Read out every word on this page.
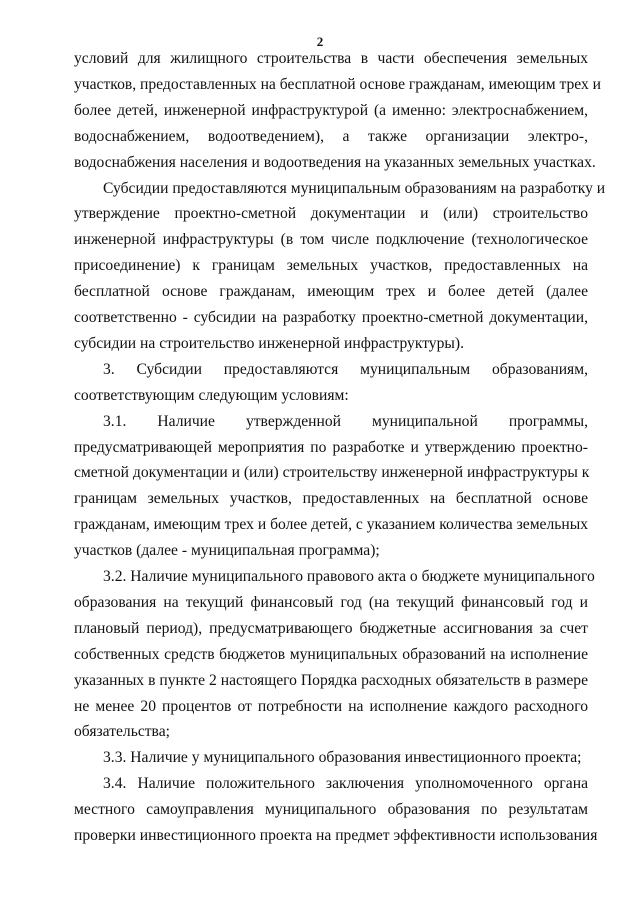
2
условий для жилищного строительства в части обеспечения земельных
участков, предоставленных на бесплатной основе гражданам, имеющим трех и
более детей, инженерной инфраструктурой (а именно: электроснабжением,
водоснабжением, водоотведением), а также организации электро-,
водоснабжения населения и водоотведения на указанных земельных участках.
Субсидии предоставляются муниципальным образованиям на разработку и
утверждение проектно-сметной документации и (или) строительство
инженерной инфраструктуры (в том числе подключение (технологическое
присоединение) к границам земельных участков, предоставленных на
бесплатной основе гражданам, имеющим трех и более детей (далее
соответственно - субсидии на разработку проектно-сметной документации,
субсидии на строительство инженерной инфраструктуры).
3. Субсидии предоставляются муниципальным образованиям,
соответствующим следующим условиям:
3.1. Наличие утвержденной муниципальной программы,
предусматривающей мероприятия по разработке и утверждению проектно-
сметной документации и (или) строительству инженерной инфраструктуры к
границам земельных участков, предоставленных на бесплатной основе
гражданам, имеющим трех и более детей, с указанием количества земельных
участков (далее - муниципальная программа);
3.2. Наличие муниципального правового акта о бюджете муниципального
образования на текущий финансовый год (на текущий финансовый год и
плановый период), предусматривающего бюджетные ассигнования за счет
собственных средств бюджетов муниципальных образований на исполнение
указанных в пункте 2 настоящего Порядка расходных обязательств в размере
не менее 20 процентов от потребности на исполнение каждого расходного
обязательства;
3.3. Наличие у муниципального образования инвестиционного проекта;
3.4. Наличие положительного заключения уполномоченного органа
местного самоуправления муниципального образования по результатам
проверки инвестиционного проекта на предмет эффективности использования
